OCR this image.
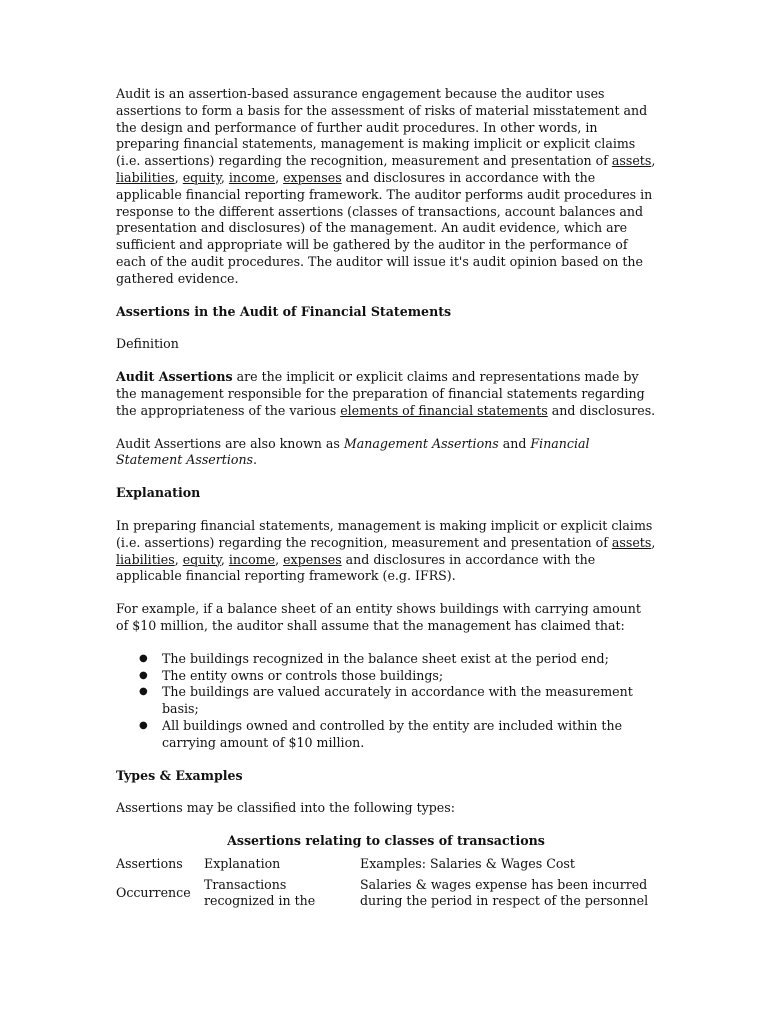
Audit is an assertion-based assurance engagement because the auditor uses assertions to form a basis for the assessment of risks of material misstatement and the design and performance of further audit procedures. In other words, in preparing financial statements, management is making implicit or explicit claims (i.e. assertions) regarding the recognition, measurement and presentation of assets, liabilities, equity, income, expenses and disclosures in accordance with the applicable financial reporting framework. The auditor performs audit procedures in response to the different assertions (classes of transactions, account balances and presentation and disclosures) of the management. An audit evidence, which are sufficient and appropriate will be gathered by the auditor in the performance of each of the audit procedures. The auditor will issue it's audit opinion based on the gathered evidence.

Assertions in the Audit of Financial Statements

Definition

Audit Assertions are the implicit or explicit claims and representations made by the management responsible for the preparation of financial statements regarding the appropriateness of the various elements of financial statements and disclosures.

Audit Assertions are also known as Management Assertions and Financial Statement Assertions.

Explanation

In preparing financial statements, management is making implicit or explicit claims (i.e. assertions) regarding the recognition, measurement and presentation of assets, liabilities, equity, income, expenses and disclosures in accordance with the applicable financial reporting framework (e.g. IFRS).

For example, if a balance sheet of an entity shows buildings with carrying amount of $10 million, the auditor shall assume that the management has claimed that:

● The buildings recognized in the balance sheet exist at the period end;
● The entity owns or controls those buildings;
● The buildings are valued accurately in accordance with the measurement basis;
● All buildings owned and controlled by the entity are included within the carrying amount of $10 million.

Types & Examples

Assertions may be classified into the following types:

Assertions relating to classes of transactions
Assertions	Explanation	Examples: Salaries & Wages Cost
Occurrence	Transactions recognized in the	Salaries & wages expense has been incurred during the period in respect of the personnel
